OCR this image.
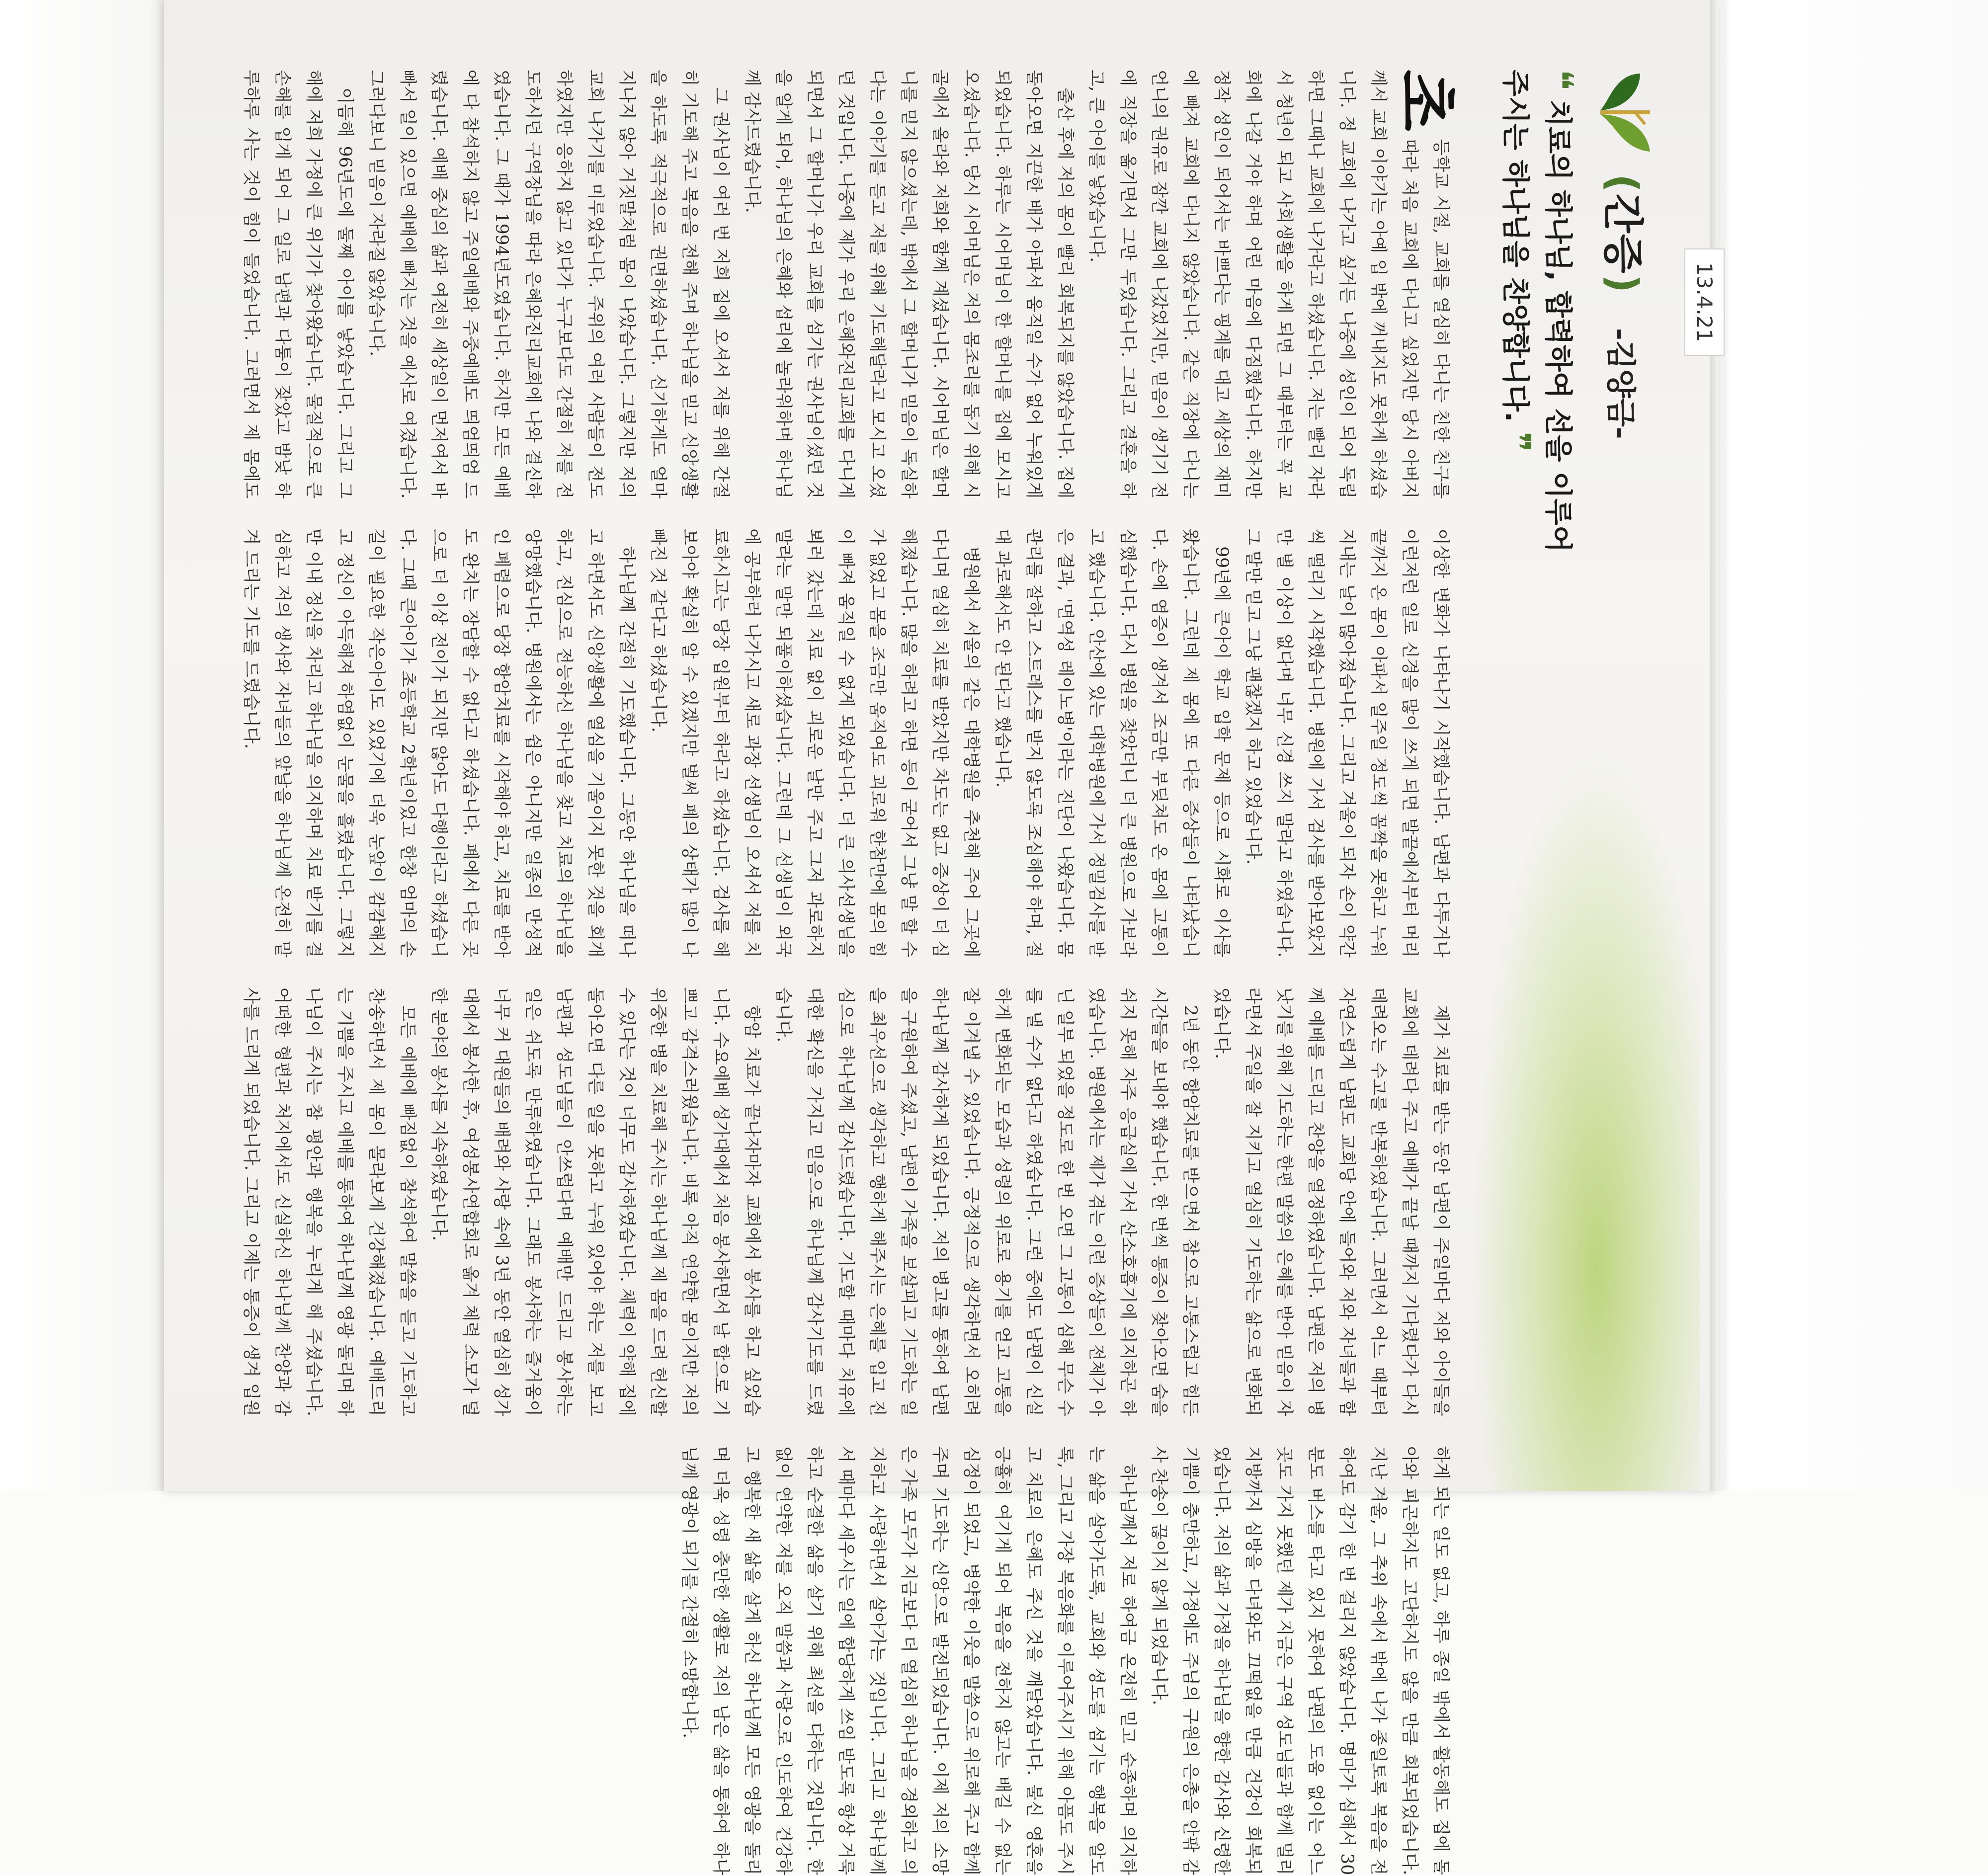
(간증)
-김양금-
13.4.21
❝ 치료의 하나님, 합력하여 선을 이루어
주시는 하나님을 찬양합니다. ❞

초
등학교 시절, 교회를 열심히 다니는 친한 친구를 따라 처음 교회에 다니고 싶었지만 당시 아버지께서 교회 이야기는 아예 입 밖에 꺼내지도 못하게 하셨습니다. 정 교회에 나가고 싶거든 나중에 성인이 되어 독립하면 그때나 교회에 나가라고 하셨습니다. 저는 빨리 자라서 청년이 되고 사회생활을 하게 되면 그 때부터는 꼭 교회에 나갈 거야 하며 어린 마음에 다짐했습니다. 하지만 정작 성인이 되어서는 바쁘다는 핑계를 대고 세상의 재미에 빠져 교회에 다니지 않았습니다. 같은 직장에 다니는 언니의 권유로 잠깐 교회에 나갔었지만, 믿음이 생기기 전에 직장을 옮기면서 그만 두었습니다. 그리고 결혼을 하고, 큰 아이를 낳았습니다.

출산 후에 저의 몸이 빨리 회복되지를 않았습니다. 집에 돌아오면 지끈한 배가 아파서 움직일 수가 없어 누워있게 되었습니다. 하루는 시어머님이 한 할머니를 집에 모시고 오셨습니다. 당시 시어머님은 저의 몸조리를 돕기 위해 시골에서 올라와 저희와 함께 계셨습니다. 시어머님은 할머니를 믿지 않으셨는데, 밖에서 그 할머니가 믿음이 독실하다는 이야기를 듣고 저를 위해 기도해달라고 모시고 오셨던 것입니다. 나중에 제가 우리 은혜와진리교회를 다니게 되면서 그 할머니가 우리 교회를 섬기는 권사님이셨던 것을 알게 되어, 하나님의 은혜와 섭리에 놀라워하며 하나님께 감사드렸습니다.

그 권사님이 여러 번 저희 집에 오셔서 저를 위해 간절히 기도해 주고 복음을 전해 주며 하나님을 믿고 신앙생활을 하도록 적극적으로 권면하셨습니다. 신기하게도 얼마 지나지 않아 거짓말처럼 몸이 나았습니다. 그렇지만 저의 교회 나가기를 미루었습니다. 주위의 여러 사람들이 전도하였지만 응하지 않고 있다가 누구보다도 간절히 저를 전도하시던 구역장님을 따라 은혜와진리교회에 나와 결신하였습니다. 그 때가 1994년도였습니다. 하지만 모든 예배에 다 참석하지 않고 주일예배와 주중예배도 띄엄띄엄 드렸습니다. 예배 중심의 삶과 여전히 세상일이 먼저여서 바빠서 일이 있으면 예배에 빠지는 것을 예사로 여겼습니다. 그러다보니 믿음이 자라질 않았습니다.

이듬해 96년도에 둘째 아이를 낳았습니다. 그리고 그 해에 저희 가정에 큰 위기가 찾아왔습니다. 물질적으로 큰 손해를 입게 되어 그 일로 남편과 다툼이 잦았고 밤낮 하루하루 사는 것이 힘이 들었습니다. 그러면서 제 몸에도 이상한 변화가 나타나기 시작했습니다. 남편과 다투거나 이런저런 일로 신경을 많이 쓰게 되면 발끝에서부터 머리끝까지 온 몸이 아파서 일주일 정도씩 꼼짝을 못하고 누워 지내는 날이 많아졌습니다. 그리고 겨울이 되자 손이 약간씩 떨리기 시작했습니다. 병원에 가서 검사를 받아보았지만 별 이상이 없다며 너무 신경 쓰지 말라고 하였습니다. 그 말만 믿고 그냥 괜찮겠지 하고 있었습니다.

99년에 큰아이 학교 입학 문제 등으로 시화로 이사를 왔습니다. 그런데 제 몸에 또 다른 증상들이 나타났습니다. 손에 염증이 생겨서 조금만 부딪쳐도 온 몸에 고통이 심했습니다. 다시 병원을 찾았더니 더 큰 병원으로 가보라고 했습니다. 안산에 있는 대학병원에 가서 정밀검사를 받은 결과, '면역성 레이노병'이라는 진단이 나왔습니다. 몸 관리를 잘하고 스트레스를 받지 않도록 조심해야 하며, 절대 과로해서도 안 된다고 했습니다.

병원에서 서울의 같은 대학병원을 추천해 주어 그곳에 다니며 열심히 치료를 받았지만 차도는 없고 증상이 더 심해졌습니다. 많을 하려고 하면 등이 굳어서 그냥 말 할 수가 없었고 몸을 조금만 움직여도 괴로워 한참만에 몸의 힘이 빠져 움직일 수 없게 되었습니다. 더 큰 의사선생님을 뵈러 갔는데 치료 없이 괴로운 날만 주고 그저 과로하지 말라는 말만 되풀이하셨습니다. 그런데 그 선생님이 외국에 공부하러 나가시고 새로 과장 선생님이 오셔서 저를 치료하시고는 당장 입원부터 하라고 하셨습니다. 검사를 해보아야 확실히 알 수 있겠지만 벌써 폐의 상태가 많이 나빠진 것 같다고 하셨습니다.

하나님께 간절히 기도했습니다. 그동안 하나님을 떠나고 하면서도 신앙생활에 열심을 기울이지 못한 것을 회개하고, 진심으로 전능하신 하나님을 찾고 치료의 하나님을 앙망했습니다. 병원에서는 쉽은 아니지만 일종의 만성적인 폐렴으로 당장 항암치료를 시작해야 하고, 치료를 받아도 완치는 장담할 수 없다고 하셨습니다. 폐에서 다른 곳으로 더 이상 전이가 되지만 않아도 다행이라고 하셨습니다. 그때 큰아이가 초등학교 2학년이었고 한창 엄마의 손길이 필요한 작은아이도 있었기에 더욱 눈앞이 캄캄해지고 정신이 아득해져 하염없이 눈물을 흘렸습니다. 그렇지만 이내 정신을 차리고 하나님을 의지하며 치료 받기를 결심하고 저의 생사와 자녀들의 앞날을 하나님께 온전히 맡겨 드리는 기도를 드렸습니다.

제가 치료를 받는 동안 남편이 주일마다 저와 아이들을 교회에 데려다 주고 예배가 끝날 때까지 기다렸다가 다시 데려오는 수고를 반복하였습니다. 그러면서 어느 때부터 자연스럽게 남편도 교회당 안에 들어와 저와 자녀들과 함께 예배를 드리고 찬양을 열정하였습니다. 남편은 저의 병 낫기를 위해 기도하는 한편 말씀의 은혜를 받아 믿음이 자라면서 주일을 잘 지키고 열심히 기도하는 삶으로 변화되었습니다.

2년 동안 항암치료를 받으면서 참으로 고통스럽고 힘든 시간들을 보내야 했습니다. 한 번씩 통증이 찾아오면 숨을 쉬지 못해 자주 응급실에 가서 산소호흡기에 의지하곤 하였습니다. 병원에서는 제가 겪는 이런 증상들이 전체가 아닌 일부 되었을 정도로 한 번 오면 그 고통이 심해 무슨 수를 낼 수가 없다고 하였습니다. 그런 중에도 남편이 신실하게 변화되는 모습과 성령의 위로로 용기를 얻고 고통을 잘 이겨낼 수 있었습니다. 긍정적으로 생각하면서 오히려 하나님께 감사하게 되었습니다. 저의 병고를 통하여 남편을 구원하여 주셨고, 남편이 가족을 보살피고 기도하는 일을 최우선으로 생각하고 행하게 해주시는 은혜를 입고 진심으로 하나님께 감사드렸습니다. 기도할 때마다 치유에 대한 확신을 가지고 믿음으로 하나님께 감사기도를 드렸습니다.

항암 치료가 끝나자마자 교회에서 봉사를 하고 싶었습니다. 수요예배 성가대에서 처음 봉사하면서 날 합으로 기쁘고 감격스러웠습니다. 비록 아직 연약한 몸이지만 저의 위중한 병을 치료해 주시는 하나님께 제 몸을 드려 헌신할 수 있다는 것이 너무도 감사하였습니다. 체력이 약해 집에 돌아오면 다른 일을 못하고 누워 있어야 하는 저를 보고 남편과 성도님들이 안쓰럽다며 예배만 드리고 봉사하는 일은 쉬도록 만류하였습니다. 그래도 봉사하는 즐거움이 너무 커 대원들의 배려와 사랑 속에 3년 동안 열심히 성가대에서 봉사한 후, 여성봉사연합회로 옮겨 체력 소모가 덜한 분야의 봉사를 지속하였습니다.

모든 예배에 빠짐없이 참석하여 말씀을 듣고 기도하고 찬송하면서 제 몸이 몰라보게 건강해졌습니다. 예배드리는 기쁨을 주시고 예배를 통하여 하나님께 영광 돌리며 하나님이 주시는 참 평안과 행복을 누리게 해 주셨습니다. 어떠한 형편과 처지에서도 신실하신 하나님께 찬양과 감사를 드리게 되었습니다. 그리고 이제는 통증이 생겨 입원하게 되는 일도 없고, 하루 종일 밖에서 활동해도 집에 돌아와 피곤하지도 고단하지도 않을 만큼 회복되었습니다. 지난 겨울, 그 추위 속에서 밖에 나가 종일토록 복음을 전하여도 감기 한 번 걸리지 않았습니다. 명마가 심해서 30분도 버스를 타고 있지 못하여 남편의 도움 없이는 어느 곳도 가지 못했던 제가 지금은 구역 성도님들과 함께 멀리 지방까지 심방을 다녀와도 끄떡없을 만큼 건강이 회복되었습니다. 저의 삶과 가정을 하나님을 향한 감사와 신령한 기쁨이 충만하고, 가정에도 주님의 구원의 은총을 안팎 감사 찬송이 끊이지 않게 되었습니다.

하나님께서 저로 하여금 온전히 믿고 순종하며 의지하는 삶을 살아가도록, 교회와 성도를 섬기는 행복을 알도록, 그리고 가장 복음화를 이루어주시기 위해 아픔도 주시고 치료의 은혜도 주신 것을 깨달았습니다. 불신 영혼을 긍휼히 여기게 되어 복음을 전하지 않고는 배길 수 없는 심정이 되었고, 병약한 이웃을 말씀으로 위로해 주고 함께 주며 기도하는 신앙으로 발전되었습니다. 이제 저의 소망은 가족 모두가 지금보다 더 열심히 하나님을 경외하고 의지하고 사랑하면서 살아가는 것입니다. 그리고 하나님께서 때마다 세우시는 일에 합당하게 쓰임 받도록 항상 거룩하고 순결한 삶을 살기 위해 최선을 다하는 것입니다. 한없이 연약한 저를 오직 말씀과 사랑으로 인도하여 건강하고 행복한 새 삶을 살게 하신 하나님께 모든 영광을 돌리며 더욱 성령 충만한 생활로 저의 남은 삶을 통하여 하나님께 영광이 되기를 간절히 소망합니다.
